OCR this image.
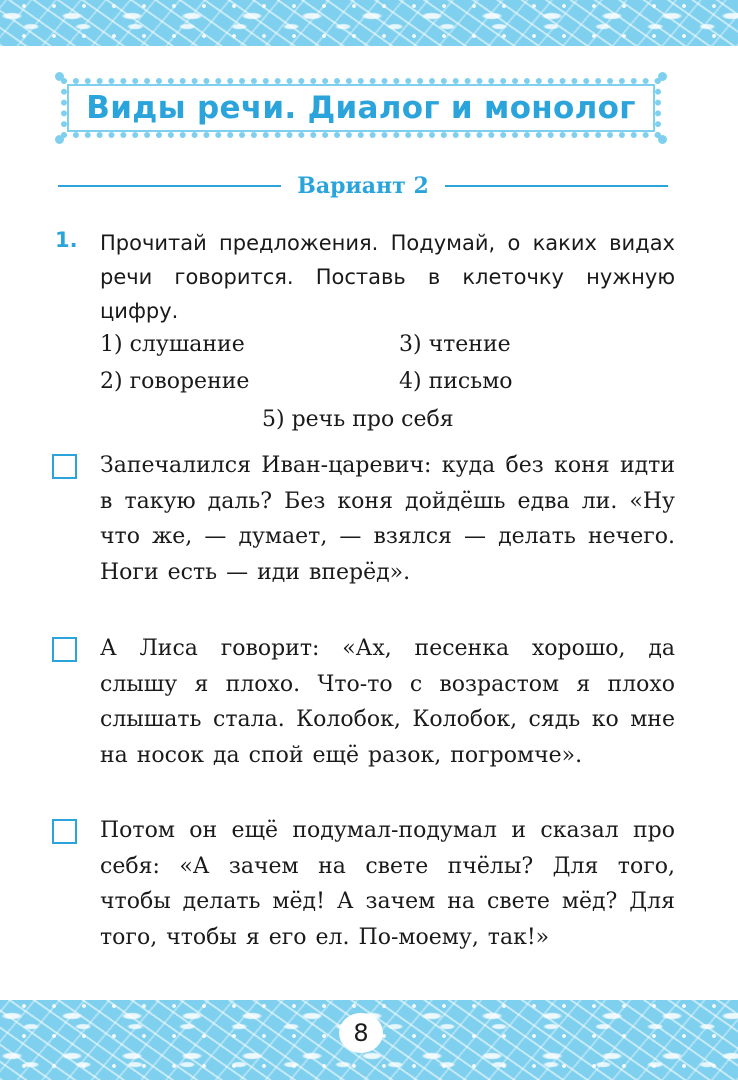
Виды речи. Диалог и монолог
Вариант 2
1. Прочитай предложения. Подумай, о каких видах речи говорится. Поставь в клеточку нужную цифру.
1) слушание
2) говорение
3) чтение
4) письмо
5) речь про себя
Запечалился Иван-царевич: куда без коня идти в такую даль? Без коня дойдёшь едва ли. «Ну что же, — думает, — взялся — делать нечего. Ноги есть — иди вперёд».
А Лиса говорит: «Ах, песенка хорошо, да слышу я плохо. Что-то с возрастом я плохо слышать стала. Колобок, Колобок, сядь ко мне на носок да спой ещё разок, погромче».
Потом он ещё подумал-подумал и сказал про себя: «А зачем на свете пчёлы? Для того, чтобы делать мёд! А зачем на свете мёд? Для того, чтобы я его ел. По-моему, так!»
8
